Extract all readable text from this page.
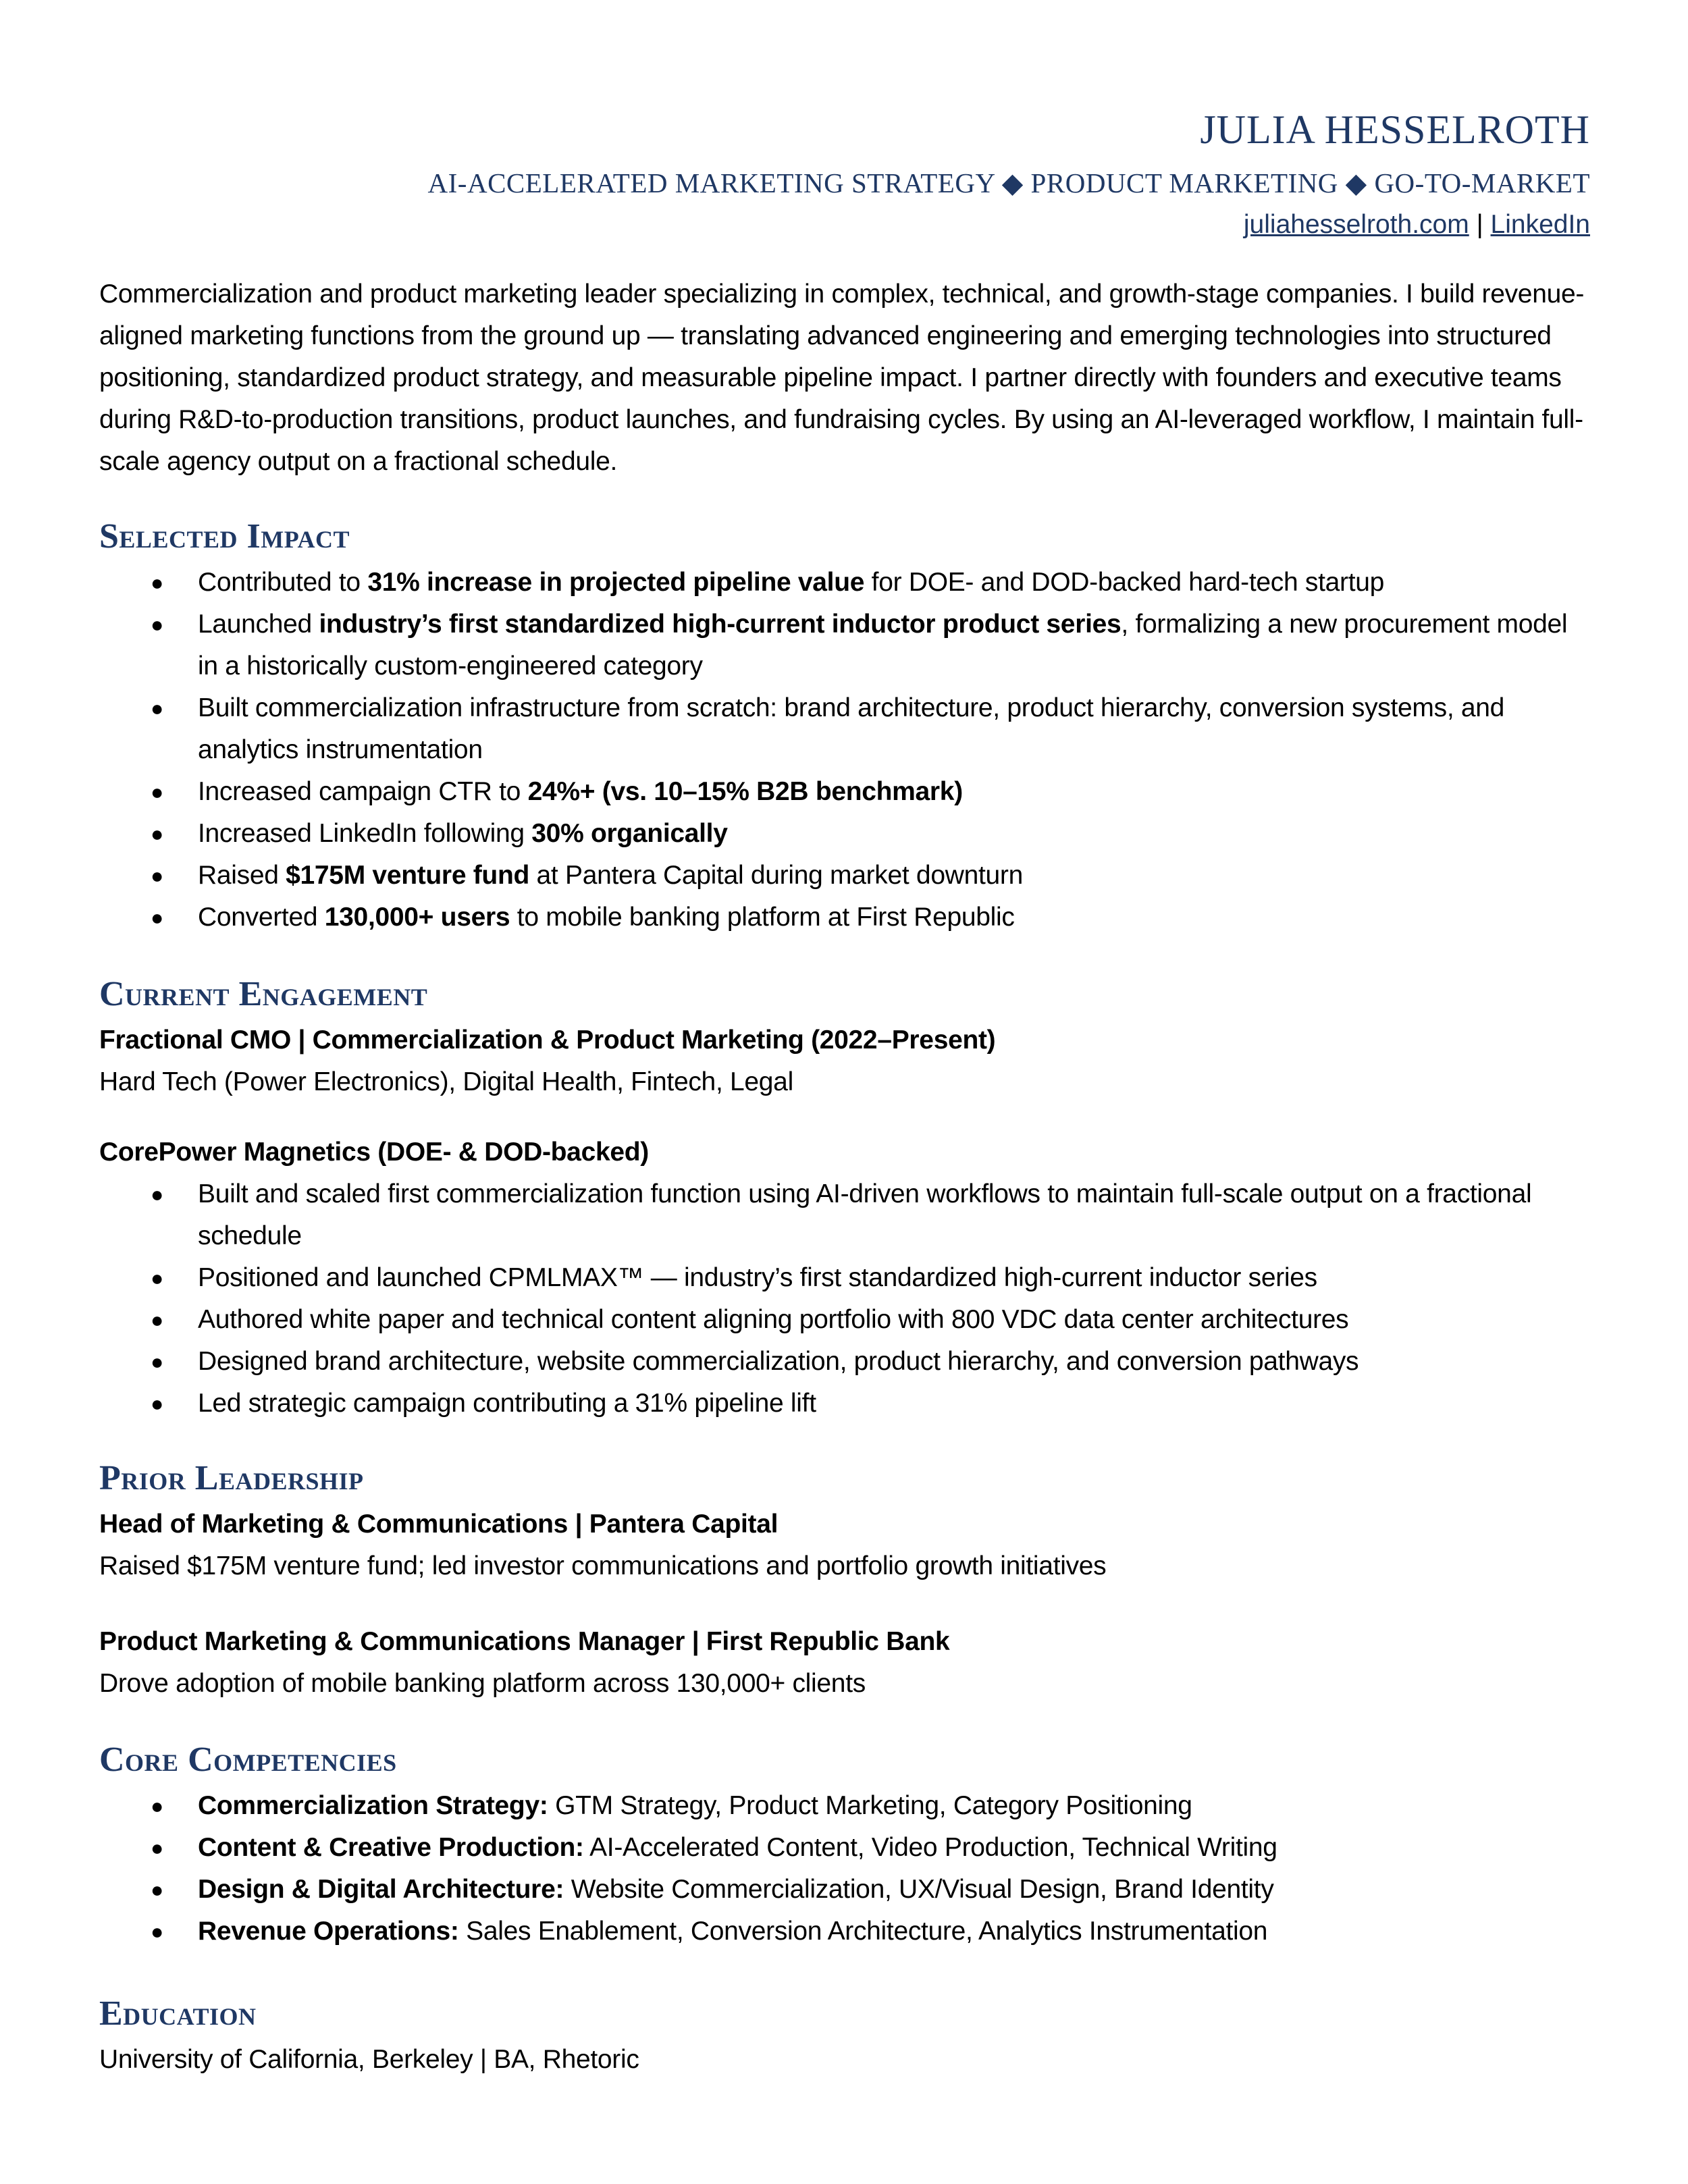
JULIA HESSELROTH
AI-ACCELERATED MARKETING STRATEGY ◆ PRODUCT MARKETING ◆ GO-TO-MARKET
juliahesselroth.com | LinkedIn

Commercialization and product marketing leader specializing in complex, technical, and growth-stage companies. I build revenue-aligned marketing functions from the ground up — translating advanced engineering and emerging technologies into structured positioning, standardized product strategy, and measurable pipeline impact. I partner directly with founders and executive teams during R&D-to-production transitions, product launches, and fundraising cycles. By using an AI-leveraged workflow, I maintain full-scale agency output on a fractional schedule.

Selected Impact
● Contributed to 31% increase in projected pipeline value for DOE- and DOD-backed hard-tech startup
● Launched industry’s first standardized high-current inductor product series, formalizing a new procurement model in a historically custom-engineered category
● Built commercialization infrastructure from scratch: brand architecture, product hierarchy, conversion systems, and analytics instrumentation
● Increased campaign CTR to 24%+ (vs. 10–15% B2B benchmark)
● Increased LinkedIn following 30% organically
● Raised $175M venture fund at Pantera Capital during market downturn
● Converted 130,000+ users to mobile banking platform at First Republic
Current Engagement

Fractional CMO | Commercialization & Product Marketing (2022–Present)

Hard Tech (Power Electronics), Digital Health, Fintech, Legal

CorePower Magnetics (DOE- & DOD-backed)

● Built and scaled first commercialization function using AI-driven workflows to maintain full-scale output on a fractional schedule
● Positioned and launched CPMLMAX™ — industry’s first standardized high-current inductor series
● Authored white paper and technical content aligning portfolio with 800 VDC data center architectures
● Designed brand architecture, website commercialization, product hierarchy, and conversion pathways
● Led strategic campaign contributing a 31% pipeline lift
Prior Leadership

Head of Marketing & Communications | Pantera Capital

Raised $175M venture fund; led investor communications and portfolio growth initiatives

Product Marketing & Communications Manager | First Republic Bank

Drove adoption of mobile banking platform across 130,000+ clients

Core Competencies
● Commercialization Strategy: GTM Strategy, Product Marketing, Category Positioning
● Content & Creative Production: AI-Accelerated Content, Video Production, Technical Writing
● Design & Digital Architecture: Website Commercialization, UX/Visual Design, Brand Identity
● Revenue Operations: Sales Enablement, Conversion Architecture, Analytics Instrumentation
Education

University of California, Berkeley | BA, Rhetoric
